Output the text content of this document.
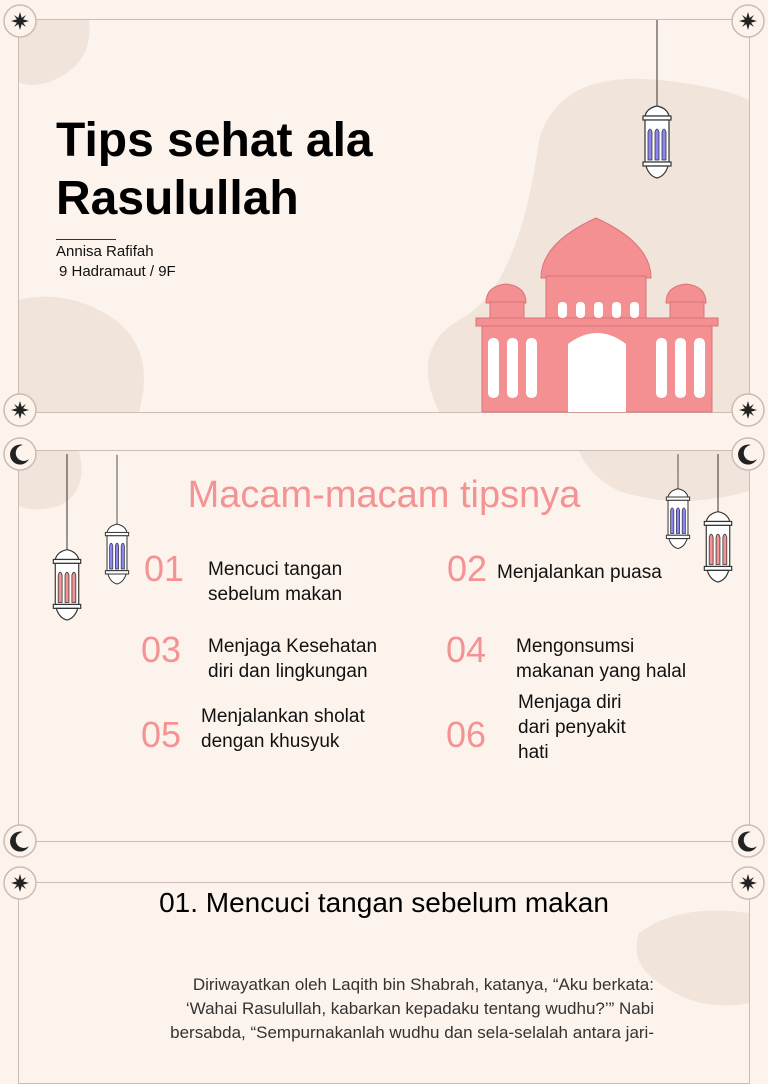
Tips sehat ala
Rasulullah
Annisa Rafifah
9 Hadramaut / 9F
Macam-macam tipsnya
01 Mencuci tangan
sebelum makan
02 Menjalankan puasa
03 Menjaga Kesehatan
diri dan lingkungan
04 Mengonsumsi
makanan yang halal
05 Menjalankan sholat
dengan khusyuk	06
Menjaga diri
dari penyakit
hati
01. Mencuci tangan sebelum makan
Diriwayatkan oleh Laqith bin Shabrah, katanya, “Aku berkata:
‘Wahai Rasulullah, kabarkan kepadaku tentang wudhu?’” Nabi
bersabda, “Sempurnakanlah wudhu dan sela-selalah antara jari-
